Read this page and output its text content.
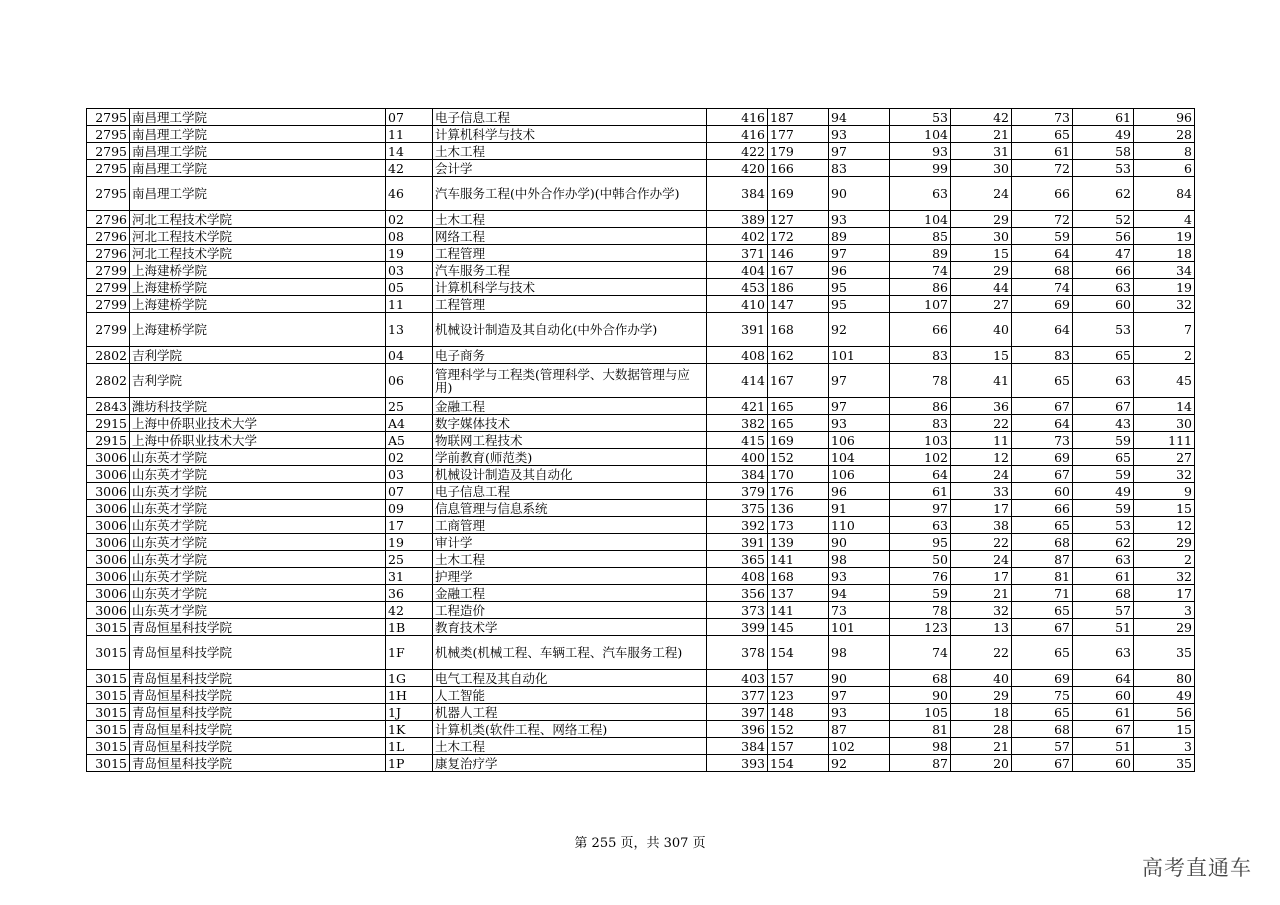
2795	南昌理工学院	07	电子信息工程	416	187	94	53	42	73	61	96
2795	南昌理工学院	11	计算机科学与技术	416	177	93	104	21	65	49	28
2795	南昌理工学院	14	土木工程	422	179	97	93	31	61	58	8
2795	南昌理工学院	42	会计学	420	166	83	99	30	72	53	6
2795	南昌理工学院	46	汽车服务工程(中外合作办学)(中韩合作办学)	384	169	90	63	24	66	62	84
2796	河北工程技术学院	02	土木工程	389	127	93	104	29	72	52	4
2796	河北工程技术学院	08	网络工程	402	172	89	85	30	59	56	19
2796	河北工程技术学院	19	工程管理	371	146	97	89	15	64	47	18
2799	上海建桥学院	03	汽车服务工程	404	167	96	74	29	68	66	34
2799	上海建桥学院	05	计算机科学与技术	453	186	95	86	44	74	63	19
2799	上海建桥学院	11	工程管理	410	147	95	107	27	69	60	32
2799	上海建桥学院	13	机械设计制造及其自动化(中外合作办学)	391	168	92	66	40	64	53	7
2802	吉利学院	04	电子商务	408	162	101	83	15	83	65	2
2802	吉利学院	06	管理科学与工程类(管理科学、大数据管理与应用)	414	167	97	78	41	65	63	45
2843	潍坊科技学院	25	金融工程	421	165	97	86	36	67	67	14
2915	上海中侨职业技术大学	A4	数字媒体技术	382	165	93	83	22	64	43	30
2915	上海中侨职业技术大学	A5	物联网工程技术	415	169	106	103	11	73	59	111
3006	山东英才学院	02	学前教育(师范类)	400	152	104	102	12	69	65	27
3006	山东英才学院	03	机械设计制造及其自动化	384	170	106	64	24	67	59	32
3006	山东英才学院	07	电子信息工程	379	176	96	61	33	60	49	9
3006	山东英才学院	09	信息管理与信息系统	375	136	91	97	17	66	59	15
3006	山东英才学院	17	工商管理	392	173	110	63	38	65	53	12
3006	山东英才学院	19	审计学	391	139	90	95	22	68	62	29
3006	山东英才学院	25	土木工程	365	141	98	50	24	87	63	2
3006	山东英才学院	31	护理学	408	168	93	76	17	81	61	32
3006	山东英才学院	36	金融工程	356	137	94	59	21	71	68	17
3006	山东英才学院	42	工程造价	373	141	73	78	32	65	57	3
3015	青岛恒星科技学院	1B	教育技术学	399	145	101	123	13	67	51	29
3015	青岛恒星科技学院	1F	机械类(机械工程、车辆工程、汽车服务工程)	378	154	98	74	22	65	63	35
3015	青岛恒星科技学院	1G	电气工程及其自动化	403	157	90	68	40	69	64	80
3015	青岛恒星科技学院	1H	人工智能	377	123	97	90	29	75	60	49
3015	青岛恒星科技学院	1J	机器人工程	397	148	93	105	18	65	61	56
3015	青岛恒星科技学院	1K	计算机类(软件工程、网络工程)	396	152	87	81	28	68	67	15
3015	青岛恒星科技学院	1L	土木工程	384	157	102	98	21	57	51	3
3015	青岛恒星科技学院	1P	康复治疗学	393	154	92	87	20	67	60	35
第 255 页，共 307 页
高考直通车
